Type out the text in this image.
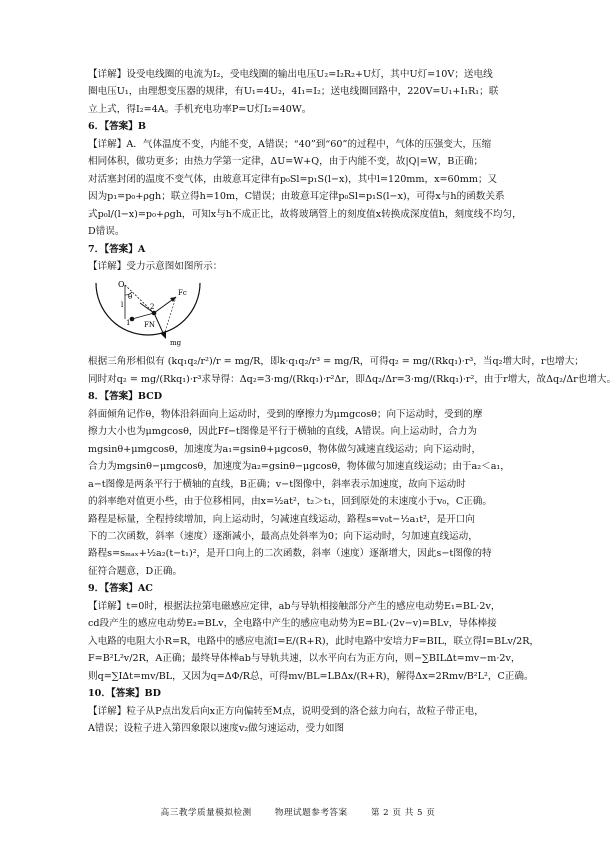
【详解】设受电线圈的电流为I₂，受电线圈的输出电压U₂=I₂R₂+U灯，其中U灯=10V；送电线
圈电压U₁，由理想变压器的规律，有U₁=4U₂，4I₁=I₂；送电线圈回路中，220V=U₁+I₁R₁；联
立上式，得I₂=4A。手机充电功率P=U灯I₂=40W。
6．【答案】B
【详解】A．气体温度不变，内能不变，A错误；“40”到“60”的过程中，气体的压强变大，压缩
相同体积，做功更多；由热力学第一定律，ΔU=W+Q，由于内能不变，故|Q|=W，B正确；
对活塞封闭的温度不变气体，由玻意耳定律有p₀Sl=p₁S(l−x)，其中l=120mm，x=60mm；又
因为p₁=p₀+ρgh；联立得h=10m，C错误；由玻意耳定律p₀Sl=p₁S(l−x)，可得x与h的函数关系
式p₀l/(l−x)=p₀+ρgh，可知x与h不成正比，故将玻璃管上的刻度值x转换成深度值h，刻度线不均匀，
D错误。
7．【答案】A
【详解】受力示意图如图所示：
O
l
θ
1
2
Fc
FN
mg
根据三角形相似有 (kq₁q₂/r²)/r = mg/R，即k·q₁q₂/r³ = mg/R，可得q₂ = mg/(Rkq₁)·r³，当q₂增大时，r也增大；
同时对q₂ = mg/(Rkq₁)·r³求导得：Δq₂=3·mg/(Rkq₁)·r²Δr，即Δq₂/Δr=3·mg/(Rkq₁)·r²，由于r增大，故Δq₂/Δr也增大。
8．【答案】BCD
斜面倾角记作θ，物体沿斜面向上运动时，受到的摩擦力为μmgcosθ；向下运动时，受到的摩
擦力大小也为μmgcosθ，因此Ff−t图像是平行于横轴的直线，A错误。向上运动时，合力为
mgsinθ+μmgcosθ，加速度为a₁=gsinθ+μgcosθ，物体做匀减速直线运动；向下运动时，
合力为mgsinθ−μmgcosθ，加速度为a₂=gsinθ−μgcosθ，物体做匀加速直线运动；由于a₂＜a₁，
a−t图像是两条平行于横轴的直线，B正确；v−t图像中，斜率表示加速度，故向下运动时
的斜率绝对值更小些，由于位移相同，由x=½at²，t₂＞t₁，回到原处的末速度小于v₀，C正确。
路程是标量，全程持续增加，向上运动时，匀减速直线运动，路程s=v₀t−½a₁t²，是开口向
下的二次函数，斜率（速度）逐渐减小，最高点处斜率为0；向下运动时，匀加速直线运动，
路程s=sₘₐₓ+½a₂(t−t₁)²，是开口向上的二次函数，斜率（速度）逐渐增大，因此s−t图像的特
征符合题意，D正确。
9．【答案】AC
【详解】t=0时，根据法拉第电磁感应定律，ab与导轨相接触部分产生的感应电动势E₁=BL·2v，
cd段产生的感应电动势E₂=BLv，全电路中产生的感应电动势为E=BL·(2v−v)=BLv，导体棒接
入电路的电阻大小R=R，电路中的感应电流I=E/(R+R)，此时电路中安培力F=BIL，联立得I=BLv/2R，
F=B²L²v/2R，A正确；最终导体棒ab与导轨共速，以水平向右为正方向，则−∑BIL∆t=mv−m·2v，
则q=∑I∆t=mv/BL，又因为q=ΔΦ/R总，可得mv/BL=LBΔx/(R+R)，解得Δx=2Rmv/B²L²，C正确。
10．【答案】BD
【详解】粒子从P点出发后向x正方向偏转至M点，说明受到的洛仑兹力向右，故粒子带正电，
A错误；设粒子进入第四象限以速度v₂做匀速运动，受力如图
高三教学质量模拟检测	物理试题参考答案	第 2 页 共 5 页
